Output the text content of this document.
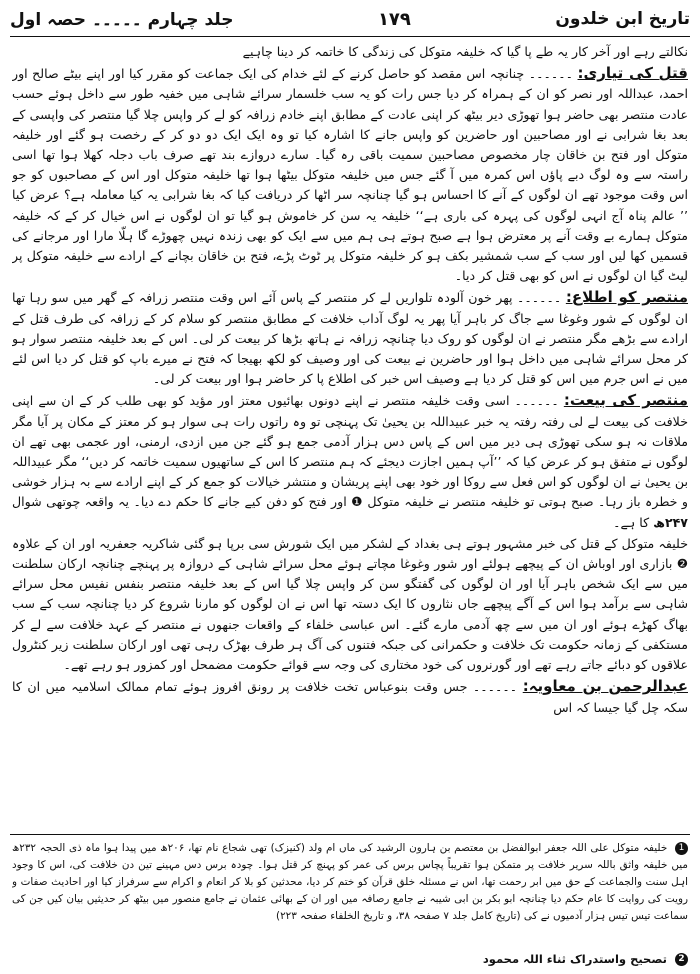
تاریخ ابن خلدون
۱۷۹
جلد چہارم ۔۔۔۔۔ حصہ اول

نکالتے رہے اور آخر کار یہ طے پا گیا کہ خلیفہ متوکل کی زندگی کا خاتمہ کر دینا چاہیے

قتل کی تیاری: ۔۔۔۔۔۔ چنانچہ اس مقصد کو حاصل کرنے کے لئے خدام کی ایک جماعت کو مقرر کیا اور اپنے بیٹے صالح اور احمد، عبداللہ اور نصر کو ان کے ہمراہ کر دیا جس رات کو یہ سب خلسمار سرائے شاہی میں خفیہ طور سے داخل ہوئے حسب عادت منتصر بھی حاضر ہوا تھوڑی دیر بیٹھ کر اپنی عادت کے مطابق اپنے خادم زرافہ کو لے کر واپس چلا گیا منتصر کی واپسی کے بعد بغا شرابی نے اور مصاحبین اور حاضرین کو واپس جانے کا اشارہ کیا تو وہ ایک ایک دو دو کر کے رخصت ہو گئے اور خلیفہ متوکل اور فتح بن خاقان چار مخصوص مصاحبین سمیت باقی رہ گیا۔ سارے دروازے بند تھے صرف باب دجلہ کھلا ہوا تھا اسی راستہ سے وہ لوگ دبے پاؤں اس کمرہ میں آ گئے جس میں خلیفہ متوکل بیٹھا ہوا تھا خلیفہ متوکل اور اس کے مصاحبوں کو جو اس وقت موجود تھے ان لوگوں کے آنے کا احساس ہو گیا چنانچہ سر اٹھا کر دریافت کیا کہ بغا شرابی یہ کیا معاملہ ہے؟ عرض کیا ’’ عالم پناہ آج انہی لوگوں کی پہرہ کی باری ہے‘‘ خلیفہ یہ سن کر خاموش ہو گیا تو ان لوگوں نے اس خیال کر کے کہ خلیفہ متوکل ہمارے بے وقت آنے پر معترض ہوا ہے صبح ہوتے ہی ہم میں سے ایک کو بھی زندہ نہیں چھوڑے گا ہلّا مارا اور مرجانے کی قسمیں کھا لیں اور سب کے سب شمشیر بکف ہو کر خلیفہ متوکل پر ٹوٹ پڑے، فتح بن خاقان بچانے کے ارادے سے خلیفہ متوکل پر لیٹ گیا ان لوگوں نے اس کو بھی قتل کر دیا۔

منتصر کو اطلاع: ۔۔۔۔۔۔ پھر خون آلودہ تلواریں لے کر منتصر کے پاس آئے اس وقت منتصر زرافہ کے گھر میں سو رہا تھا ان لوگوں کے شور وغوغا سے جاگ کر باہر آیا پھر یہ لوگ آداب خلافت کے مطابق منتصر کو سلام کر کے زرافہ کی طرف قتل کے ارادے سے بڑھے مگر منتصر نے ان لوگوں کو روک دیا چنانچہ زرافہ نے ہاتھ بڑھا کر بیعت کر لی۔ اس کے بعد خلیفہ منتصر سوار ہو کر محل سرائے شاہی میں داخل ہوا اور حاضرین نے بیعت کی اور وصیف کو لکھ بھیجا کہ فتح نے میرے باپ کو قتل کر دیا اس لئے میں نے اس جرم میں اس کو قتل کر دیا ہے وصیف اس خبر کی اطلاع پا کر حاضر ہوا اور بیعت کر لی۔

منتصر کی بیعت: ۔۔۔۔۔۔ اسی وقت خلیفہ منتصر نے اپنے دونوں بھائیوں معتز اور مؤید کو بھی طلب کر کے ان سے اپنی خلافت کی بیعت لے لی رفتہ رفتہ یہ خبر عبیداللہ بن یحییٰ تک پہنچی تو وہ راتوں رات ہی سوار ہو کر معتز کے مکان پر آیا مگر ملاقات نہ ہو سکی تھوڑی ہی دیر میں اس کے پاس دس ہزار آدمی جمع ہو گئے جن میں ازدی، ارمنی، اور عجمی بھی تھے ان لوگوں نے متفق ہو کر عرض کیا کہ ’’آپ ہمیں اجازت دیجئے کہ ہم منتصر کا اس کے ساتھیوں سمیت خاتمہ کر دیں‘‘ مگر عبیداللہ بن یحییٰ نے ان لوگوں کو اس فعل سے روکا اور خود بھی اپنے پریشان و منتشر خیالات کو جمع کر کے اپنے ارادے سے بہ ہزار خوشی و خطرہ باز رہا۔ صبح ہوتی تو خلیفہ منتصر نے خلیفہ متوکل ❶ اور فتح کو دفن کیے جانے کا حکم دے دیا۔ یہ واقعہ چوتھی شوال ۲۴۷ھ کا ہے۔

خلیفہ متوکل کے قتل کی خبر مشہور ہوتے ہی بغداد کے لشکر میں ایک شورش سی برپا ہو گئی شاکریہ جعفریہ اور ان کے علاوہ ❷ بازاری اور اوباش ان کے پیچھے ہولئے اور شور وغوغا مچاتے ہوئے محل سرائے شاہی کے دروازہ پر پہنچے چنانچہ ارکان سلطنت میں سے ایک شخص باہر آیا اور ان لوگوں کی گفتگو سن کر واپس چلا گیا اس کے بعد خلیفہ منتصر بنفس نفیس محل سرائے شاہی سے برآمد ہوا اس کے آگے پیچھے جاں نثاروں کا ایک دستہ تھا اس نے ان لوگوں کو مارنا شروع کر دیا چنانچہ سب کے سب بھاگ کھڑے ہوئے اور ان میں سے چھ آدمی مارے گئے۔ اس عباسی خلفاء کے واقعات جنھوں نے منتصر کے عہد خلافت سے لے کر مستکفی کے زمانہ حکومت تک خلافت و حکمرانی کی جبکہ فتنوں کی آگ ہر طرف بھڑک رہی تھی اور ارکان سلطنت زیر کنٹرول علاقوں کو دبائے جاتے رہے تھے اور گورنروں کی خود مختاری کی وجہ سے قوائے حکومت مضمحل اور کمزور ہو رہے تھے۔

عبدالرحمن بن معاویہ: ۔۔۔۔۔۔ جس وقت بنوعباس تخت خلافت پر رونق افروز ہوئے تمام ممالک اسلامیہ میں ان کا سکہ چل گیا جیسا کہ اس

1 خلیفہ متوکل علی اللہ جعفر ابوالفضل بن معتصم بن ہارون الرشید کی ماں ام ولد (کنیزک) تھی شجاع نام تھا، ۲۰۶ھ میں پیدا ہوا ماہ ذی الحجہ ۲۳۲ھ میں خلیفہ واثق باللہ سریر خلافت پر متمکن ہوا تقریباً پچاس برس کی عمر کو پہنچ کر قتل ہوا۔ چودہ برس دس مہینے تین دن خلافت کی، اس کا وجود اہل سنت والجماعت کے حق میں ابر رحمت تھا، اس نے مسئلہ خلق قرآن کو ختم کر دیا، محدثین کو بلا کر انعام و اکرام سے سرفراز کیا اور احادیث صفات و رویت کی روایت کا عام حکم دیا چنانچہ ابو بکر بن ابی شیبہ نے جامع رصافہ میں اور ان کے بھائی عثمان نے جامع منصور میں بیٹھ کر حدیثیں بیان کیں جن کی سماعت تیس تیس ہزار آدمیوں نے کی (تاریخ کامل جلد ۷ صفحہ ۳۸، و تاریخ الخلفاء صفحہ ۲۲۳)

2 تصحیح واستدراک ثناء اللہ محمود
